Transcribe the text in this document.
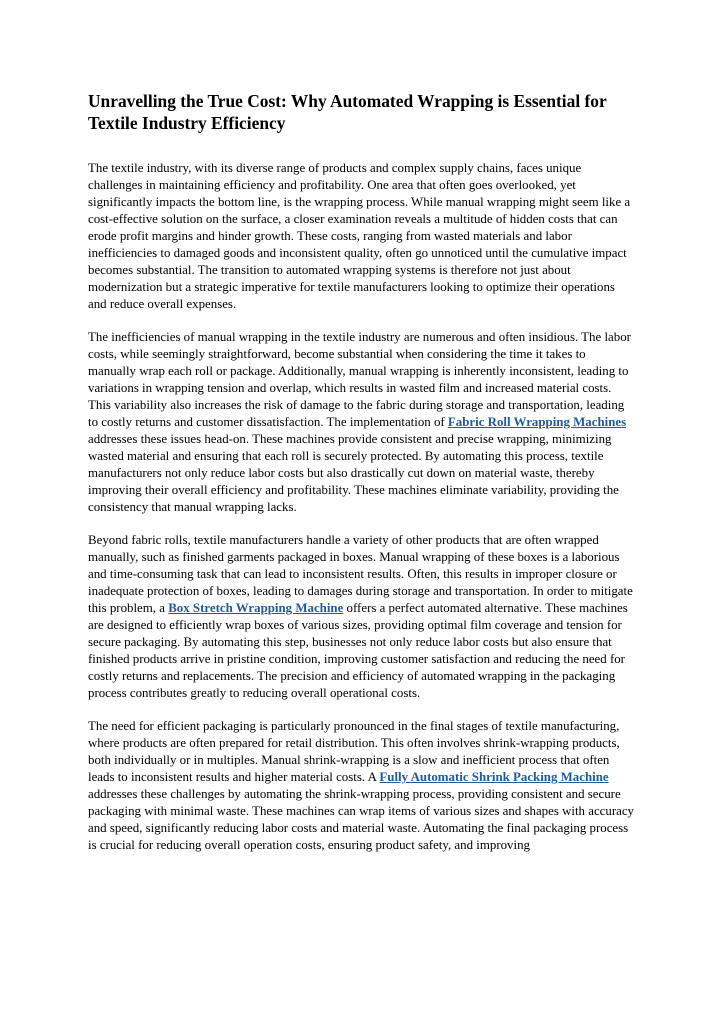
Unravelling the True Cost: Why Automated Wrapping is Essential for Textile Industry Efficiency

The textile industry, with its diverse range of products and complex supply chains, faces unique challenges in maintaining efficiency and profitability. One area that often goes overlooked, yet significantly impacts the bottom line, is the wrapping process. While manual wrapping might seem like a cost-effective solution on the surface, a closer examination reveals a multitude of hidden costs that can erode profit margins and hinder growth. These costs, ranging from wasted materials and labor inefficiencies to damaged goods and inconsistent quality, often go unnoticed until the cumulative impact becomes substantial. The transition to automated wrapping systems is therefore not just about modernization but a strategic imperative for textile manufacturers looking to optimize their operations and reduce overall expenses.

The inefficiencies of manual wrapping in the textile industry are numerous and often insidious. The labor costs, while seemingly straightforward, become substantial when considering the time it takes to manually wrap each roll or package. Additionally, manual wrapping is inherently inconsistent, leading to variations in wrapping tension and overlap, which results in wasted film and increased material costs. This variability also increases the risk of damage to the fabric during storage and transportation, leading to costly returns and customer dissatisfaction. The implementation of Fabric Roll Wrapping Machines addresses these issues head-on. These machines provide consistent and precise wrapping, minimizing wasted material and ensuring that each roll is securely protected. By automating this process, textile manufacturers not only reduce labor costs but also drastically cut down on material waste, thereby improving their overall efficiency and profitability. These machines eliminate variability, providing the consistency that manual wrapping lacks.

Beyond fabric rolls, textile manufacturers handle a variety of other products that are often wrapped manually, such as finished garments packaged in boxes. Manual wrapping of these boxes is a laborious and time-consuming task that can lead to inconsistent results. Often, this results in improper closure or inadequate protection of boxes, leading to damages during storage and transportation. In order to mitigate this problem, a Box Stretch Wrapping Machine offers a perfect automated alternative. These machines are designed to efficiently wrap boxes of various sizes, providing optimal film coverage and tension for secure packaging. By automating this step, businesses not only reduce labor costs but also ensure that finished products arrive in pristine condition, improving customer satisfaction and reducing the need for costly returns and replacements. The precision and efficiency of automated wrapping in the packaging process contributes greatly to reducing overall operational costs.

The need for efficient packaging is particularly pronounced in the final stages of textile manufacturing, where products are often prepared for retail distribution. This often involves shrink-wrapping products, both individually or in multiples. Manual shrink-wrapping is a slow and inefficient process that often leads to inconsistent results and higher material costs. A Fully Automatic Shrink Packing Machine addresses these challenges by automating the shrink-wrapping process, providing consistent and secure packaging with minimal waste. These machines can wrap items of various sizes and shapes with accuracy and speed, significantly reducing labor costs and material waste. Automating the final packaging process is crucial for reducing overall operation costs, ensuring product safety, and improving
